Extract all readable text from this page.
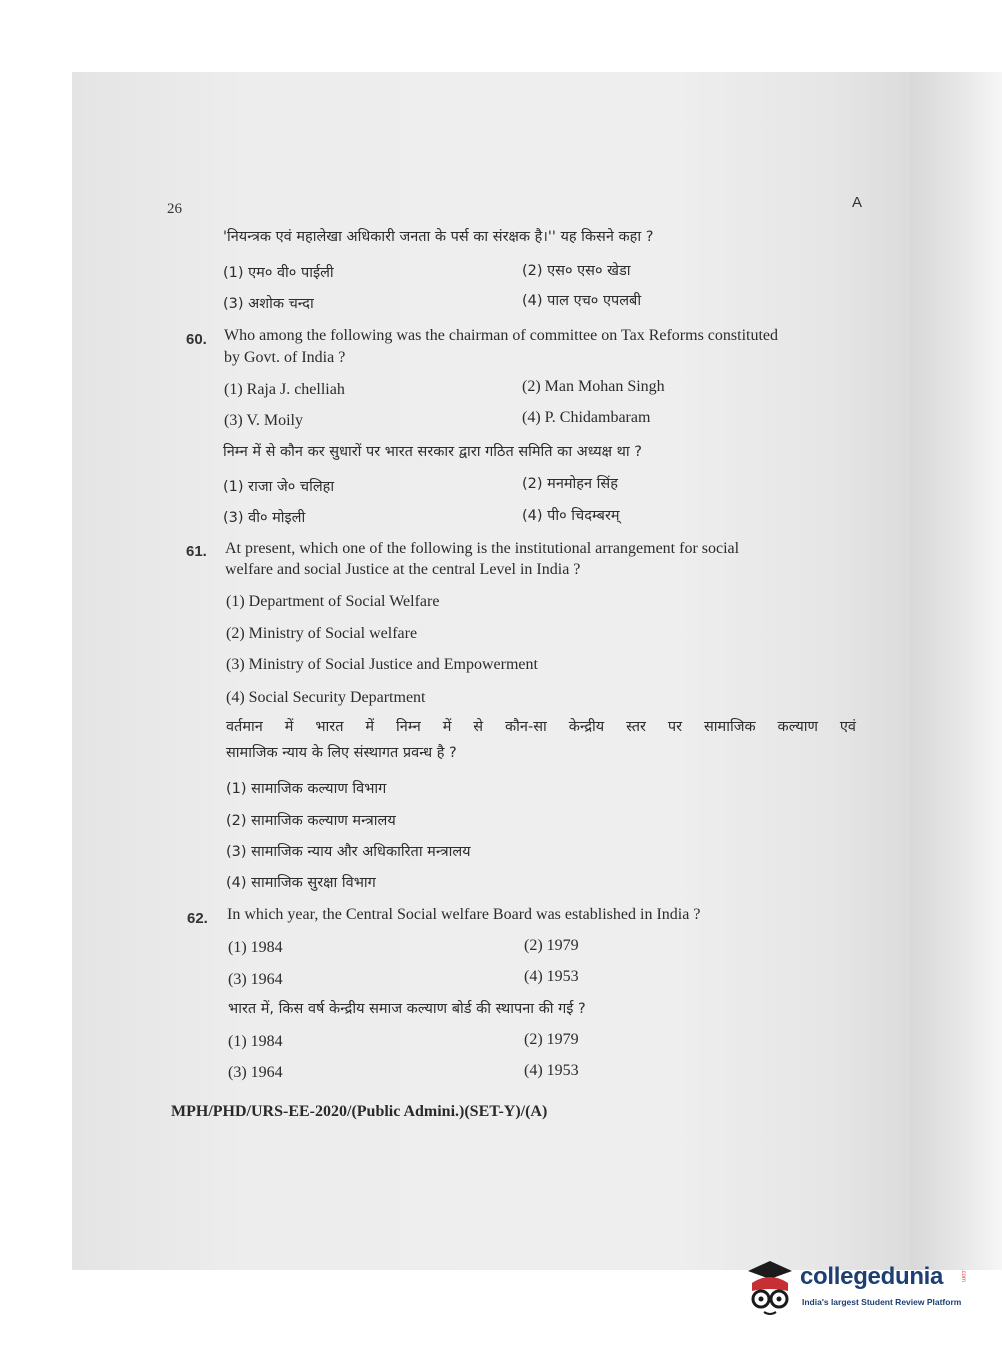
26	A
'नियन्त्रक एवं महालेखा अधिकारी जनता के पर्स का संरक्षक है।'' यह किसने कहा ?
(1) एम० वी० पाईली	(2) एस० एस० खेडा
(3) अशोक चन्दा	(4) पाल एच० एपलबी
60. Who among the following was the chairman of committee on Tax Reforms constituted
by Govt. of India ?
(1) Raja J. chelliah	(2) Man Mohan Singh
(3) V. Moily	(4) P. Chidambaram
निम्न में से कौन कर सुधारों पर भारत सरकार द्वारा गठित समिति का अध्यक्ष था ?
(1) राजा जे० चलिहा	(2) मनमोहन सिंह
(3) वी० मोइली	(4) पी० चिदम्बरम्
61. At present, which one of the following is the institutional arrangement for social
welfare and social Justice at the central Level in India ?
(1) Department of Social Welfare
(2) Ministry of Social welfare
(3) Ministry of Social Justice and Empowerment
(4) Social Security Department
वर्तमान में भारत में निम्न में से कौन-सा केन्द्रीय स्तर पर सामाजिक कल्याण एवं
सामाजिक न्याय के लिए संस्थागत प्रवन्ध है ?
(1) सामाजिक कल्याण विभाग
(2) सामाजिक कल्याण मन्त्रालय
(3) सामाजिक न्याय और अधिकारिता मन्त्रालय
(4) सामाजिक सुरक्षा विभाग
62. In which year, the Central Social welfare Board was established in India ?
(1) 1984	(2) 1979
(3) 1964	(4) 1953
भारत में, किस वर्ष केन्द्रीय समाज कल्याण बोर्ड की स्थापना की गई ?
(1) 1984	(2) 1979
(3) 1964	(4) 1953
MPH/PHD/URS-EE-2020/(Public Admini.)(SET-Y)/(A)
collegedunia	.com
India's largest Student Review Platform
